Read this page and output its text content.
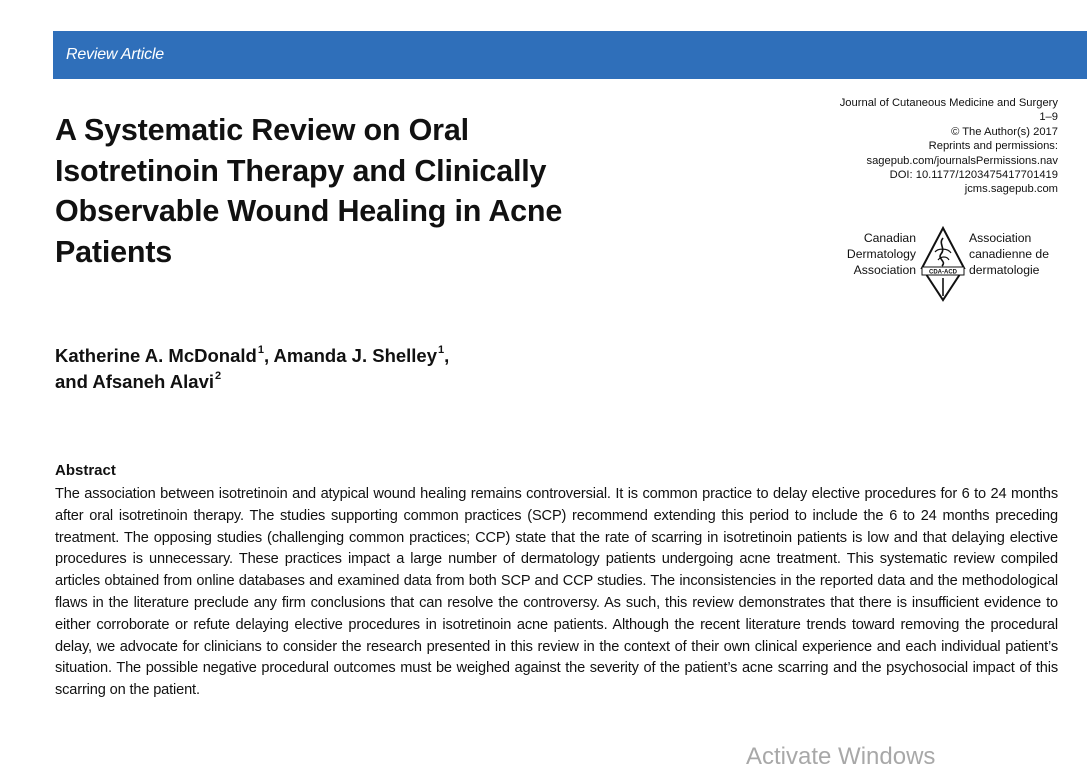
Review Article
A Systematic Review on Oral Isotretinoin Therapy and Clinically Observable Wound Healing in Acne Patients
Journal of Cutaneous Medicine and Surgery
1–9
© The Author(s) 2017
Reprints and permissions:
sagepub.com/journalsPermissions.nav
DOI: 10.1177/1203475417701419
jcms.sagepub.com
Canadian
Dermatology
Association CDA-ACD
Association
canadienne de
dermatologie
Katherine A. McDonald$^1$, Amanda J. Shelley$^1$,
and Afsaneh Alavi$^2$
Abstract

The association between isotretinoin and atypical wound healing remains controversial. It is common practice to delay elective procedures for 6 to 24 months after oral isotretinoin therapy. The studies supporting common practices (SCP) recommend extending this period to include the 6 to 24 months preceding treatment. The opposing studies (challenging common practices; CCP) state that the rate of scarring in isotretinoin patients is low and that delaying elective procedures is unnecessary. These practices impact a large number of dermatology patients undergoing acne treatment. This systematic review compiled articles obtained from online databases and examined data from both SCP and CCP studies. The inconsistencies in the reported data and the methodological flaws in the literature preclude any firm conclusions that can resolve the controversy. As such, this review demonstrates that there is insufficient evidence to either corroborate or refute delaying elective procedures in isotretinoin acne patients. Although the recent literature trends toward removing the procedural delay, we advocate for clinicians to consider the research presented in this review in the context of their own clinical experience and each individual patient’s situation. The possible negative procedural outcomes must be weighed against the severity of the patient’s acne scarring and the psychosocial impact of this scarring on the patient.

Activate Windows
